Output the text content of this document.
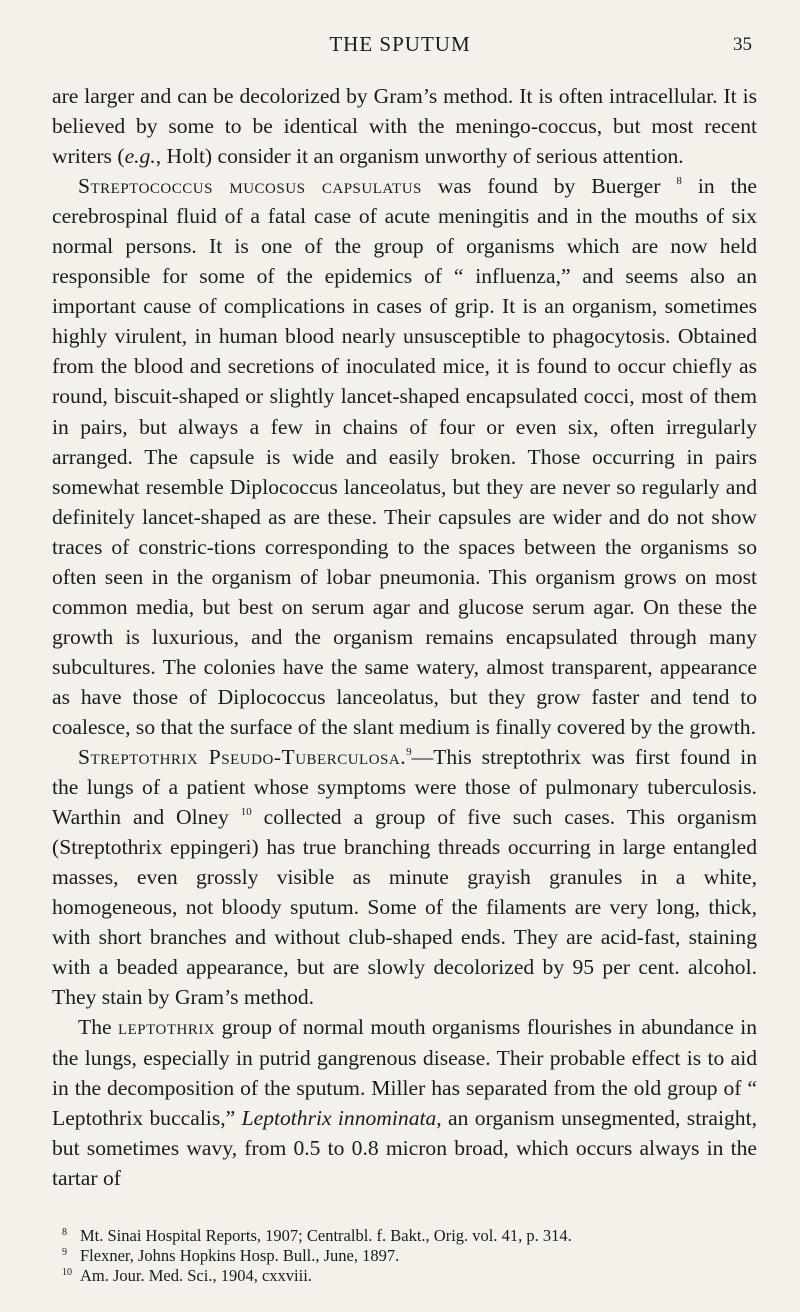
THE SPUTUM	35

are larger and can be decolorized by Gram’s method. It is often intracellular. It is believed by some to be identical with the meningo-coccus, but most recent writers (e.g., Holt) consider it an organism unworthy of serious attention.

Streptococcus mucosus capsulatus was found by Buerger $^8$ in the cerebrospinal fluid of a fatal case of acute meningitis and in the mouths of six normal persons. It is one of the group of organisms which are now held responsible for some of the epidemics of “ influenza,” and seems also an important cause of complications in cases of grip. It is an organism, sometimes highly virulent, in human blood nearly unsusceptible to phagocytosis. Obtained from the blood and secretions of inoculated mice, it is found to occur chiefly as round, biscuit-shaped or slightly lancet-shaped encapsulated cocci, most of them in pairs, but always a few in chains of four or even six, often irregularly arranged. The capsule is wide and easily broken. Those occurring in pairs somewhat resemble Diplococcus lanceolatus, but they are never so regularly and definitely lancet-shaped as are these. Their capsules are wider and do not show traces of constric-tions corresponding to the spaces between the organisms so often seen in the organism of lobar pneumonia. This organism grows on most common media, but best on serum agar and glucose serum agar. On these the growth is luxurious, and the organism remains encapsulated through many subcultures. The colonies have the same watery, almost transparent, appearance as have those of Diplococcus lanceolatus, but they grow faster and tend to coalesce, so that the surface of the slant medium is finally covered by the growth.

Streptothrix Pseudo-Tuberculosa.$^9$—This streptothrix was first found in the lungs of a patient whose symptoms were those of pulmonary tuberculosis. Warthin and Olney $^{10}$ collected a group of five such cases. This organism (Streptothrix eppingeri) has true branching threads occurring in large entangled masses, even grossly visible as minute grayish granules in a white, homogeneous, not bloody sputum. Some of the filaments are very long, thick, with short branches and without club-shaped ends. They are acid-fast, staining with a beaded appearance, but are slowly decolorized by 95 per cent. alcohol. They stain by Gram’s method.

The leptothrix group of normal mouth organisms flourishes in abundance in the lungs, especially in putrid gangrenous disease. Their probable effect is to aid in the decomposition of the sputum. Miller has separated from the old group of “ Leptothrix buccalis,” Leptothrix innominata, an organism unsegmented, straight, but sometimes wavy, from 0.5 to 0.8 micron broad, which occurs always in the tartar of

8 Mt. Sinai Hospital Reports, 1907; Centralbl. f. Bakt., Orig. vol. 41, p. 314.
9 Flexner, Johns Hopkins Hosp. Bull., June, 1897.
10 Am. Jour. Med. Sci., 1904, cxxviii.
